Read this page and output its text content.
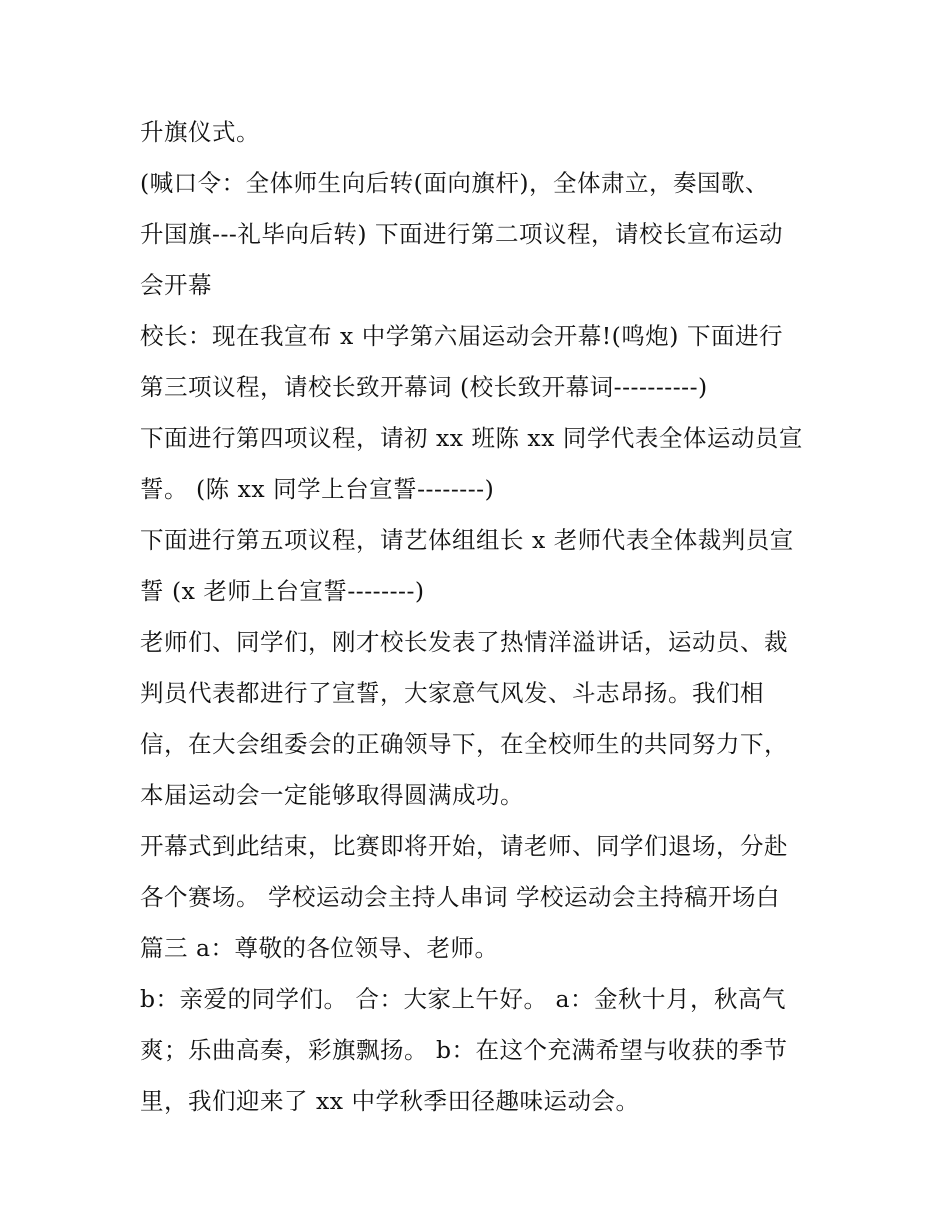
升旗仪式。
(喊口令：全体师生向后转(面向旗杆)，全体肃立，奏国歌、
升国旗---礼毕向后转) 下面进行第二项议程，请校长宣布运动
会开幕
校长：现在我宣布 x 中学第六届运动会开幕!(鸣炮) 下面进行
第三项议程，请校长致开幕词 (校长致开幕词----------)
下面进行第四项议程，请初 xx 班陈 xx 同学代表全体运动员宣
誓。 (陈 xx 同学上台宣誓--------)
下面进行第五项议程，请艺体组组长 x 老师代表全体裁判员宣
誓 (x 老师上台宣誓--------)
老师们、同学们，刚才校长发表了热情洋溢讲话，运动员、裁
判员代表都进行了宣誓，大家意气风发、斗志昂扬。我们相
信，在大会组委会的正确领导下，在全校师生的共同努力下，
本届运动会一定能够取得圆满成功。
开幕式到此结束，比赛即将开始，请老师、同学们退场，分赴
各个赛场。 学校运动会主持人串词 学校运动会主持稿开场白
篇三 a：尊敬的各位领导、老师。
b：亲爱的同学们。 合：大家上午好。 a：金秋十月，秋高气
爽；乐曲高奏，彩旗飘扬。 b：在这个充满希望与收获的季节
里，我们迎来了 xx 中学秋季田径趣味运动会。
